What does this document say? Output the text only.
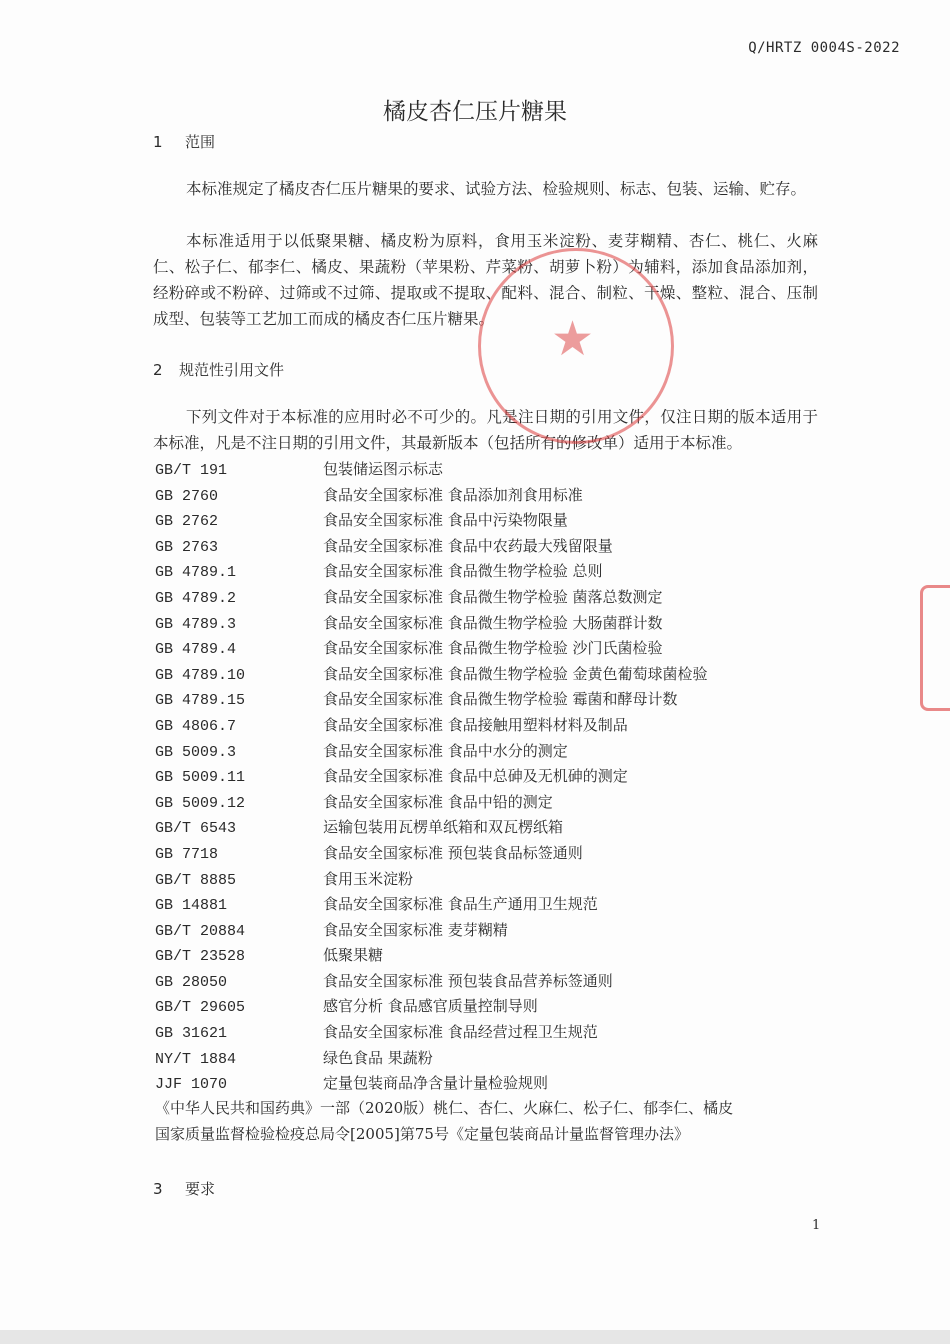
Q/HRTZ 0004S-2022
橘皮杏仁压片糖果
1 范围
本标准规定了橘皮杏仁压片糖果的要求、试验方法、检验规则、标志、包装、运输、贮存。
本标准适用于以低聚果糖、橘皮粉为原料，食用玉米淀粉、麦芽糊精、杏仁、桃仁、火麻仁、松子仁、郁李仁、橘皮、果蔬粉（苹果粉、芹菜粉、胡萝卜粉）为辅料，添加食品添加剂，经粉碎或不粉碎、过筛或不过筛、提取或不提取、配料、混合、制粒、干燥、整粒、混合、压制成型、包装等工艺加工而成的橘皮杏仁压片糖果。
2 规范性引用文件
下列文件对于本标准的应用时必不可少的。凡是注日期的引用文件，仅注日期的版本适用于本标准，凡是不注日期的引用文件，其最新版本（包括所有的修改单）适用于本标准。
GB/T 191	包装储运图示标志
GB 2760	食品安全国家标准 食品添加剂食用标准
GB 2762	食品安全国家标准 食品中污染物限量
GB 2763	食品安全国家标准 食品中农药最大残留限量
GB 4789.1	食品安全国家标准 食品微生物学检验 总则
GB 4789.2	食品安全国家标准 食品微生物学检验 菌落总数测定
GB 4789.3	食品安全国家标准 食品微生物学检验 大肠菌群计数
GB 4789.4	食品安全国家标准 食品微生物学检验 沙门氏菌检验
GB 4789.10	食品安全国家标准 食品微生物学检验 金黄色葡萄球菌检验
GB 4789.15	食品安全国家标准 食品微生物学检验 霉菌和酵母计数
GB 4806.7	食品安全国家标准 食品接触用塑料材料及制品
GB 5009.3	食品安全国家标准 食品中水分的测定
GB 5009.11	食品安全国家标准 食品中总砷及无机砷的测定
GB 5009.12	食品安全国家标准 食品中铅的测定
GB/T 6543	运输包装用瓦楞单纸箱和双瓦楞纸箱
GB 7718	食品安全国家标准 预包装食品标签通则
GB/T 8885	食用玉米淀粉
GB 14881	食品安全国家标准 食品生产通用卫生规范
GB/T 20884	食品安全国家标准 麦芽糊精
GB/T 23528	低聚果糖
GB 28050	食品安全国家标准 预包装食品营养标签通则
GB/T 29605	感官分析 食品感官质量控制导则
GB 31621	食品安全国家标准 食品经营过程卫生规范
NY/T 1884	绿色食品 果蔬粉
JJF 1070	定量包装商品净含量计量检验规则
《中华人民共和国药典》一部（2020版）桃仁、杏仁、火麻仁、松子仁、郁李仁、橘皮
国家质量监督检验检疫总局令[2005]第75号《定量包装商品计量监督管理办法》
3 要求
1
★
